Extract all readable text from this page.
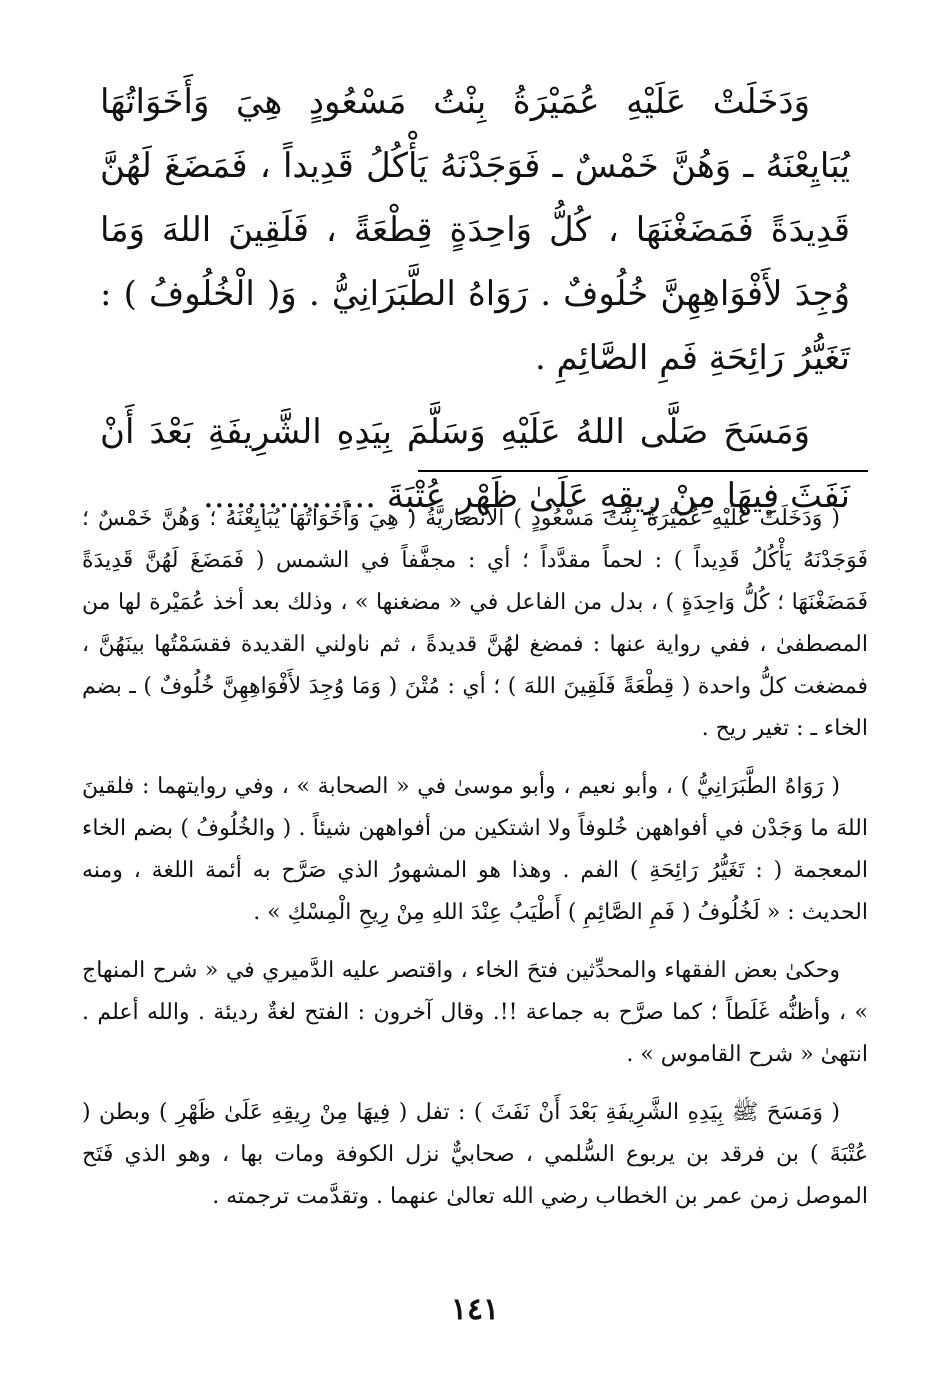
وَدَخَلَتْ عَلَيْهِ عُمَيْرَةُ بِنْتُ مَسْعُودٍ هِيَ وَأَخَوَاتُهَا يُبَايِعْنَهُ ـ وَهُنَّ خَمْسٌ ـ فَوَجَدْنَهُ يَأْكُلُ قَدِيداً ، فَمَضَغَ لَهُنَّ قَدِيدَةً فَمَضَغْنَهَا ، كُلُّ وَاحِدَةٍ قِطْعَةً ، فَلَقِينَ اللهَ وَمَا وُجِدَ لأَفْوَاهِهِنَّ خُلُوفٌ . رَوَاهُ الطَّبَرَانِيُّ . وَ( الْخُلُوفُ ) : تَغَيُّرُ رَائِحَةِ فَمِ الصَّائِمِ .

وَمَسَحَ صَلَّى اللهُ عَلَيْهِ وَسَلَّمَ بِيَدِهِ الشَّرِيفَةِ بَعْدَ أَنْ نَفَثَ فِيهَا مِنْ رِيقِهِ عَلَىٰ ظَهْرِ عُتْبَةَ ................

( وَدَخَلَتْ عَلَيْهِ عُمَيْرَةُ بِنْتُ مَسْعُودٍ ) الأنصاريَّةُ ( هِيَ وَأَخَوَاتُهَا يُبَايِعْنَهُ ؛ وَهُنَّ خَمْسٌ ؛ فَوَجَدْنَهُ يَأْكُلُ قَدِيداً ) : لحماً مقدَّداً ؛ أي : مجفَّفاً في الشمس ( فَمَضَغَ لَهُنَّ قَدِيدَةً فَمَضَغْنَهَا ؛ كُلُّ وَاحِدَةٍ ) ، بدل من الفاعل في « مضغنها » ، وذلك بعد أخذ عُمَيْرة لها من المصطفىٰ ، ففي رواية عنها : فمضغ لهُنَّ قديدةً ، ثم ناولني القديدة فقسَمْتُها بينَهُنَّ ، فمضغت كلُّ واحدة ( قِطْعَةً فَلَقِينَ اللهَ ) ؛ أي : مُتْنَ ( وَمَا وُجِدَ لأَفْوَاهِهِنَّ خُلُوفٌ ) ـ بضم الخاء ـ : تغير ريح .

( رَوَاهُ الطَّبَرَانِيُّ ) ، وأبو نعيم ، وأبو موسىٰ في « الصحابة » ، وفي روايتهما : فلقينَ اللهَ ما وَجَدْن في أفواههن خُلوفاً ولا اشتكين من أفواههن شيئاً . ( والخُلُوفُ ) بضم الخاء المعجمة ( : تَغَيُّرُ رَائِحَةِ ) الفم . وهذا هو المشهورُ الذي صَرَّح به أئمة اللغة ، ومنه الحديث : « لَخُلُوفُ ( فَمِ الصَّائِمِ ) أَطْيَبُ عِنْدَ اللهِ مِنْ رِيحِ الْمِسْكِ » .

وحكىٰ بعض الفقهاء والمحدِّثين فتحَ الخاء ، واقتصر عليه الدَّميري في « شرح المنهاج » ، وأظنُّه غَلَطاً ؛ كما صرَّح به جماعة !!. وقال آخرون : الفتح لغةٌ رديئة . والله أعلم . انتهىٰ « شرح القاموس » .

( وَمَسَحَ ﷺ بِيَدِهِ الشَّرِيفَةِ بَعْدَ أَنْ نَفَثَ ) : تفل ( فِيهَا مِنْ رِيقِهِ عَلَىٰ ظَهْرِ ) وبطن ( عُتْبَةَ ) بن فرقد بن يربوع السُّلمي ، صحابيٌّ نزل الكوفة ومات بها ، وهو الذي فَتَح الموصل زمن عمر بن الخطاب رضي الله تعالىٰ عنهما . وتقدَّمت ترجمته .

١٤١
